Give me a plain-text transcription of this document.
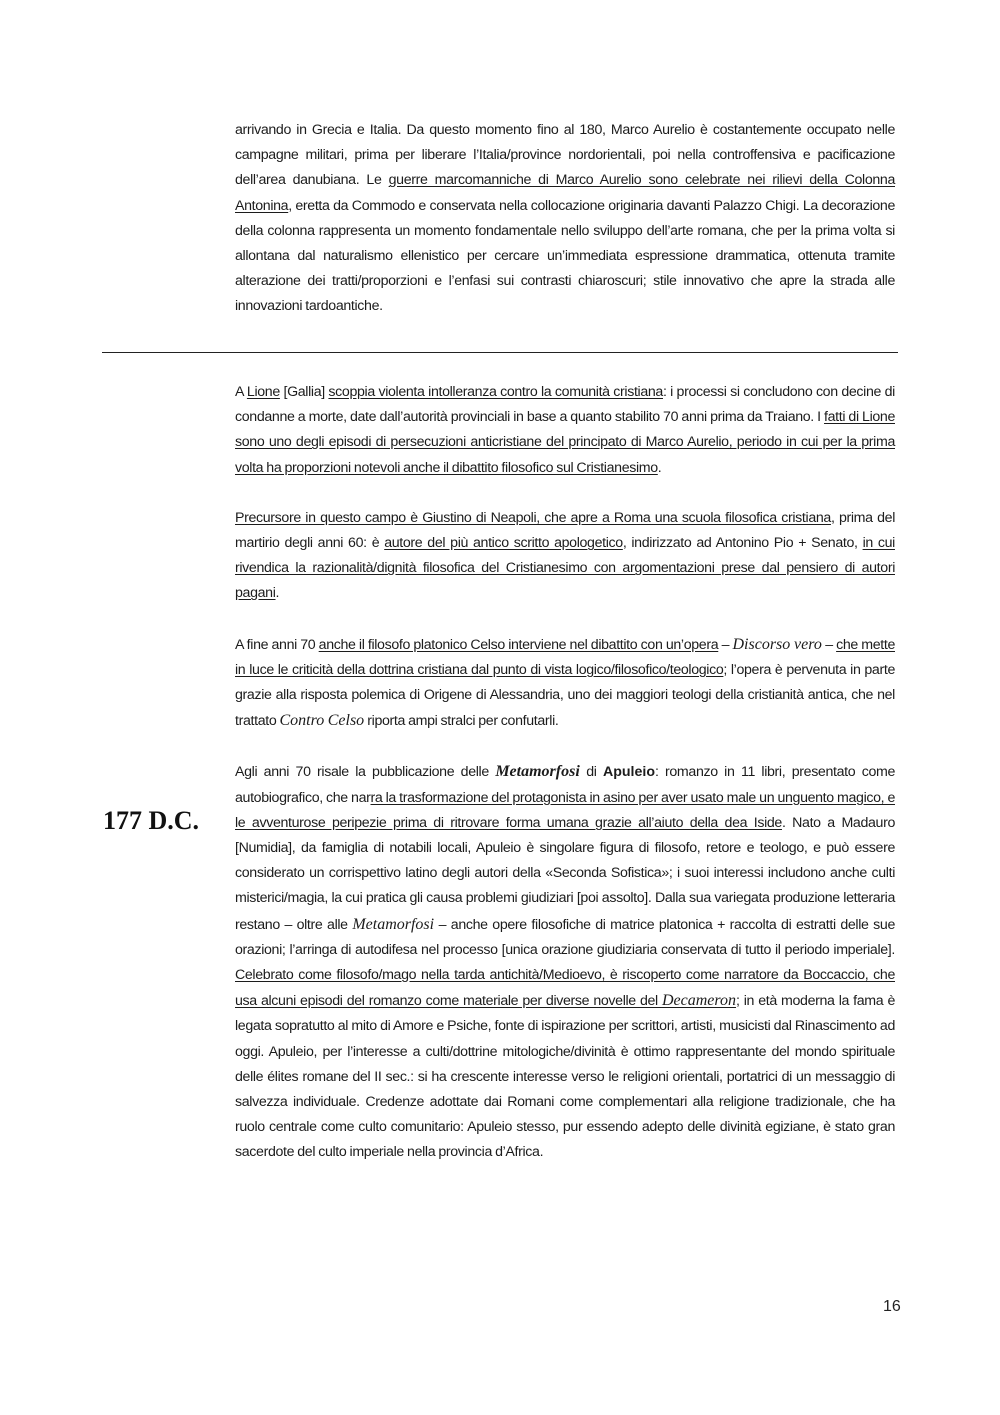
arrivando in Grecia e Italia. Da questo momento fino al 180, Marco Aurelio è costantemente occupato nelle campagne militari, prima per liberare l’Italia/province nordorientali, poi nella controffensiva e pacificazione dell’area danubiana. Le guerre marcomanniche di Marco Aurelio sono celebrate nei rilievi della Colonna Antonina, eretta da Commodo e conservata nella collocazione originaria davanti Palazzo Chigi. La decorazione della colonna rappresenta un momento fondamentale nello sviluppo dell’arte romana, che per la prima volta si allontana dal naturalismo ellenistico per cercare un’immediata espressione drammatica, ottenuta tramite alterazione dei tratti/proporzioni e l’enfasi sui contrasti chiaroscuri; stile innovativo che apre la strada alle innovazioni tardoantiche.

177 D.C.

A Lione [Gallia] scoppia violenta intolleranza contro la comunità cristiana: i processi si concludono con decine di condanne a morte, date dall’autorità provinciali in base a quanto stabilito 70 anni prima da Traiano. I fatti di Lione sono uno degli episodi di persecuzioni anticristiane del principato di Marco Aurelio, periodo in cui per la prima volta ha proporzioni notevoli anche il dibattito filosofico sul Cristianesimo.

Precursore in questo campo è Giustino di Neapoli, che apre a Roma una scuola filosofica cristiana, prima del martirio degli anni 60: è autore del più antico scritto apologetico, indirizzato ad Antonino Pio + Senato, in cui rivendica la razionalità/dignità filosofica del Cristianesimo con argomentazioni prese dal pensiero di autori pagani.

A fine anni 70 anche il filosofo platonico Celso interviene nel dibattito con un’opera – Discorso vero – che mette in luce le criticità della dottrina cristiana dal punto di vista logico/filosofico/teologico; l’opera è pervenuta in parte grazie alla risposta polemica di Origene di Alessandria, uno dei maggiori teologi della cristianità antica, che nel trattato Contro Celso riporta ampi stralci per confutarli.

Agli anni 70 risale la pubblicazione delle Metamorfosi di Apuleio: romanzo in 11 libri, presentato come autobiografico, che narra la trasformazione del protagonista in asino per aver usato male un unguento magico, e le avventurose peripezie prima di ritrovare forma umana grazie all’aiuto della dea Iside. Nato a Madauro [Numidia], da famiglia di notabili locali, Apuleio è singolare figura di filosofo, retore e teologo, e può essere considerato un corrispettivo latino degli autori della «Seconda Sofistica»; i suoi interessi includono anche culti misterici/magia, la cui pratica gli causa problemi giudiziari [poi assolto]. Dalla sua variegata produzione letteraria restano – oltre alle Metamorfosi – anche opere filosofiche di matrice platonica + raccolta di estratti delle sue orazioni; l’arringa di autodifesa nel processo [unica orazione giudiziaria conservata di tutto il periodo imperiale]. Celebrato come filosofo/mago nella tarda antichità/Medioevo, è riscoperto come narratore da Boccaccio, che usa alcuni episodi del romanzo come materiale per diverse novelle del Decameron; in età moderna la fama è legata sopratutto al mito di Amore e Psiche, fonte di ispirazione per scrittori, artisti, musicisti dal Rinascimento ad oggi. Apuleio, per l’interesse a culti/dottrine mitologiche/divinità è ottimo rappresentante del mondo spirituale delle élites romane del II sec.: si ha crescente interesse verso le religioni orientali, portatrici di un messaggio di salvezza individuale. Credenze adottate dai Romani come complementari alla religione tradizionale, che ha ruolo centrale come culto comunitario: Apuleio stesso, pur essendo adepto delle divinità egiziane, è stato gran sacerdote del culto imperiale nella provincia d’Africa.

16
